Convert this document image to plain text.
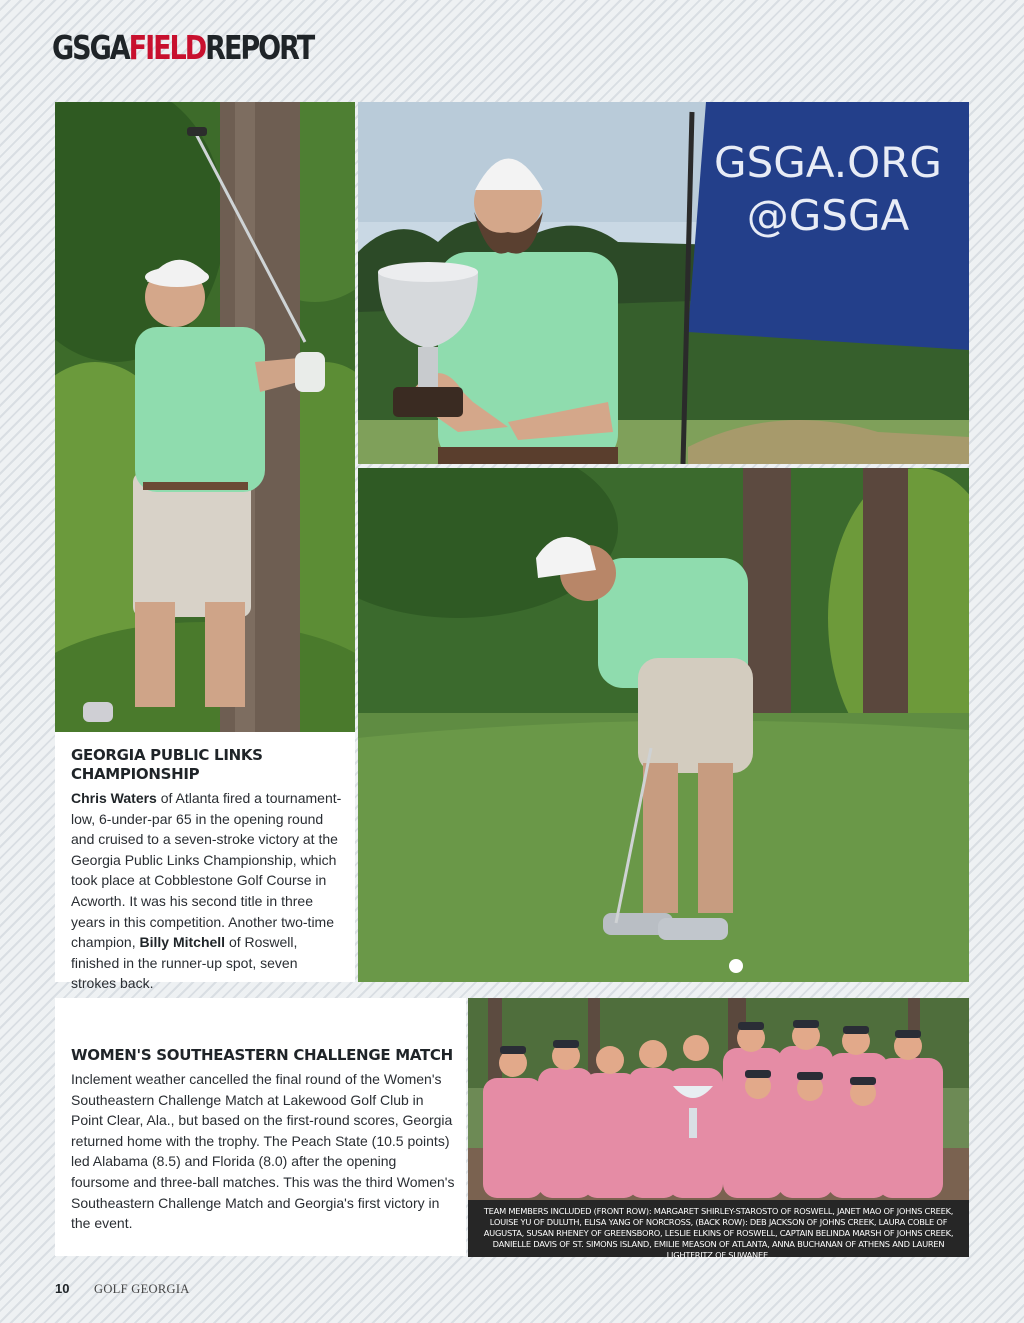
GSGAFIELDREPORT
GSGA.ORG
@GSGA
GEORGIA PUBLIC LINKS CHAMPIONSHIP

Chris Waters of Atlanta fired a tournament-low, 6-under-par 65 in the opening round and cruised to a seven-stroke victory at the Georgia Public Links Championship, which took place at Cobblestone Golf Course in Acworth. It was his second title in three years in this competition. Another two-time champion, Billy Mitchell of Roswell, finished in the runner-up spot, seven strokes back.

WOMEN'S SOUTHEASTERN CHALLENGE MATCH

Inclement weather cancelled the final round of the Women's Southeastern Challenge Match at Lakewood Golf Club in Point Clear, Ala., but based on the first-round scores, Georgia returned home with the trophy. The Peach State (10.5 points) led Alabama (8.5) and Florida (8.0) after the opening foursome and three-ball matches. This was the third Women's Southeastern Challenge Match and Georgia's first victory in the event.

TEAM MEMBERS INCLUDED (FRONT ROW): MARGARET SHIRLEY-STAROSTO OF ROSWELL, JANET MAO OF JOHNS CREEK, LOUISE YU OF DULUTH, ELISA YANG OF NORCROSS, (BACK ROW): DEB JACKSON OF JOHNS CREEK, LAURA COBLE OF AUGUSTA, SUSAN RHENEY OF GREENSBORO, LESLIE ELKINS OF ROSWELL, CAPTAIN BELINDA MARSH OF JOHNS CREEK, DANIELLE DAVIS OF ST. SIMONS ISLAND, EMILIE MEASON OF ATLANTA, ANNA BUCHANAN OF ATHENS AND LAUREN LIGHTFRITZ OF SUWANEE.
10 GOLF GEORGIA
